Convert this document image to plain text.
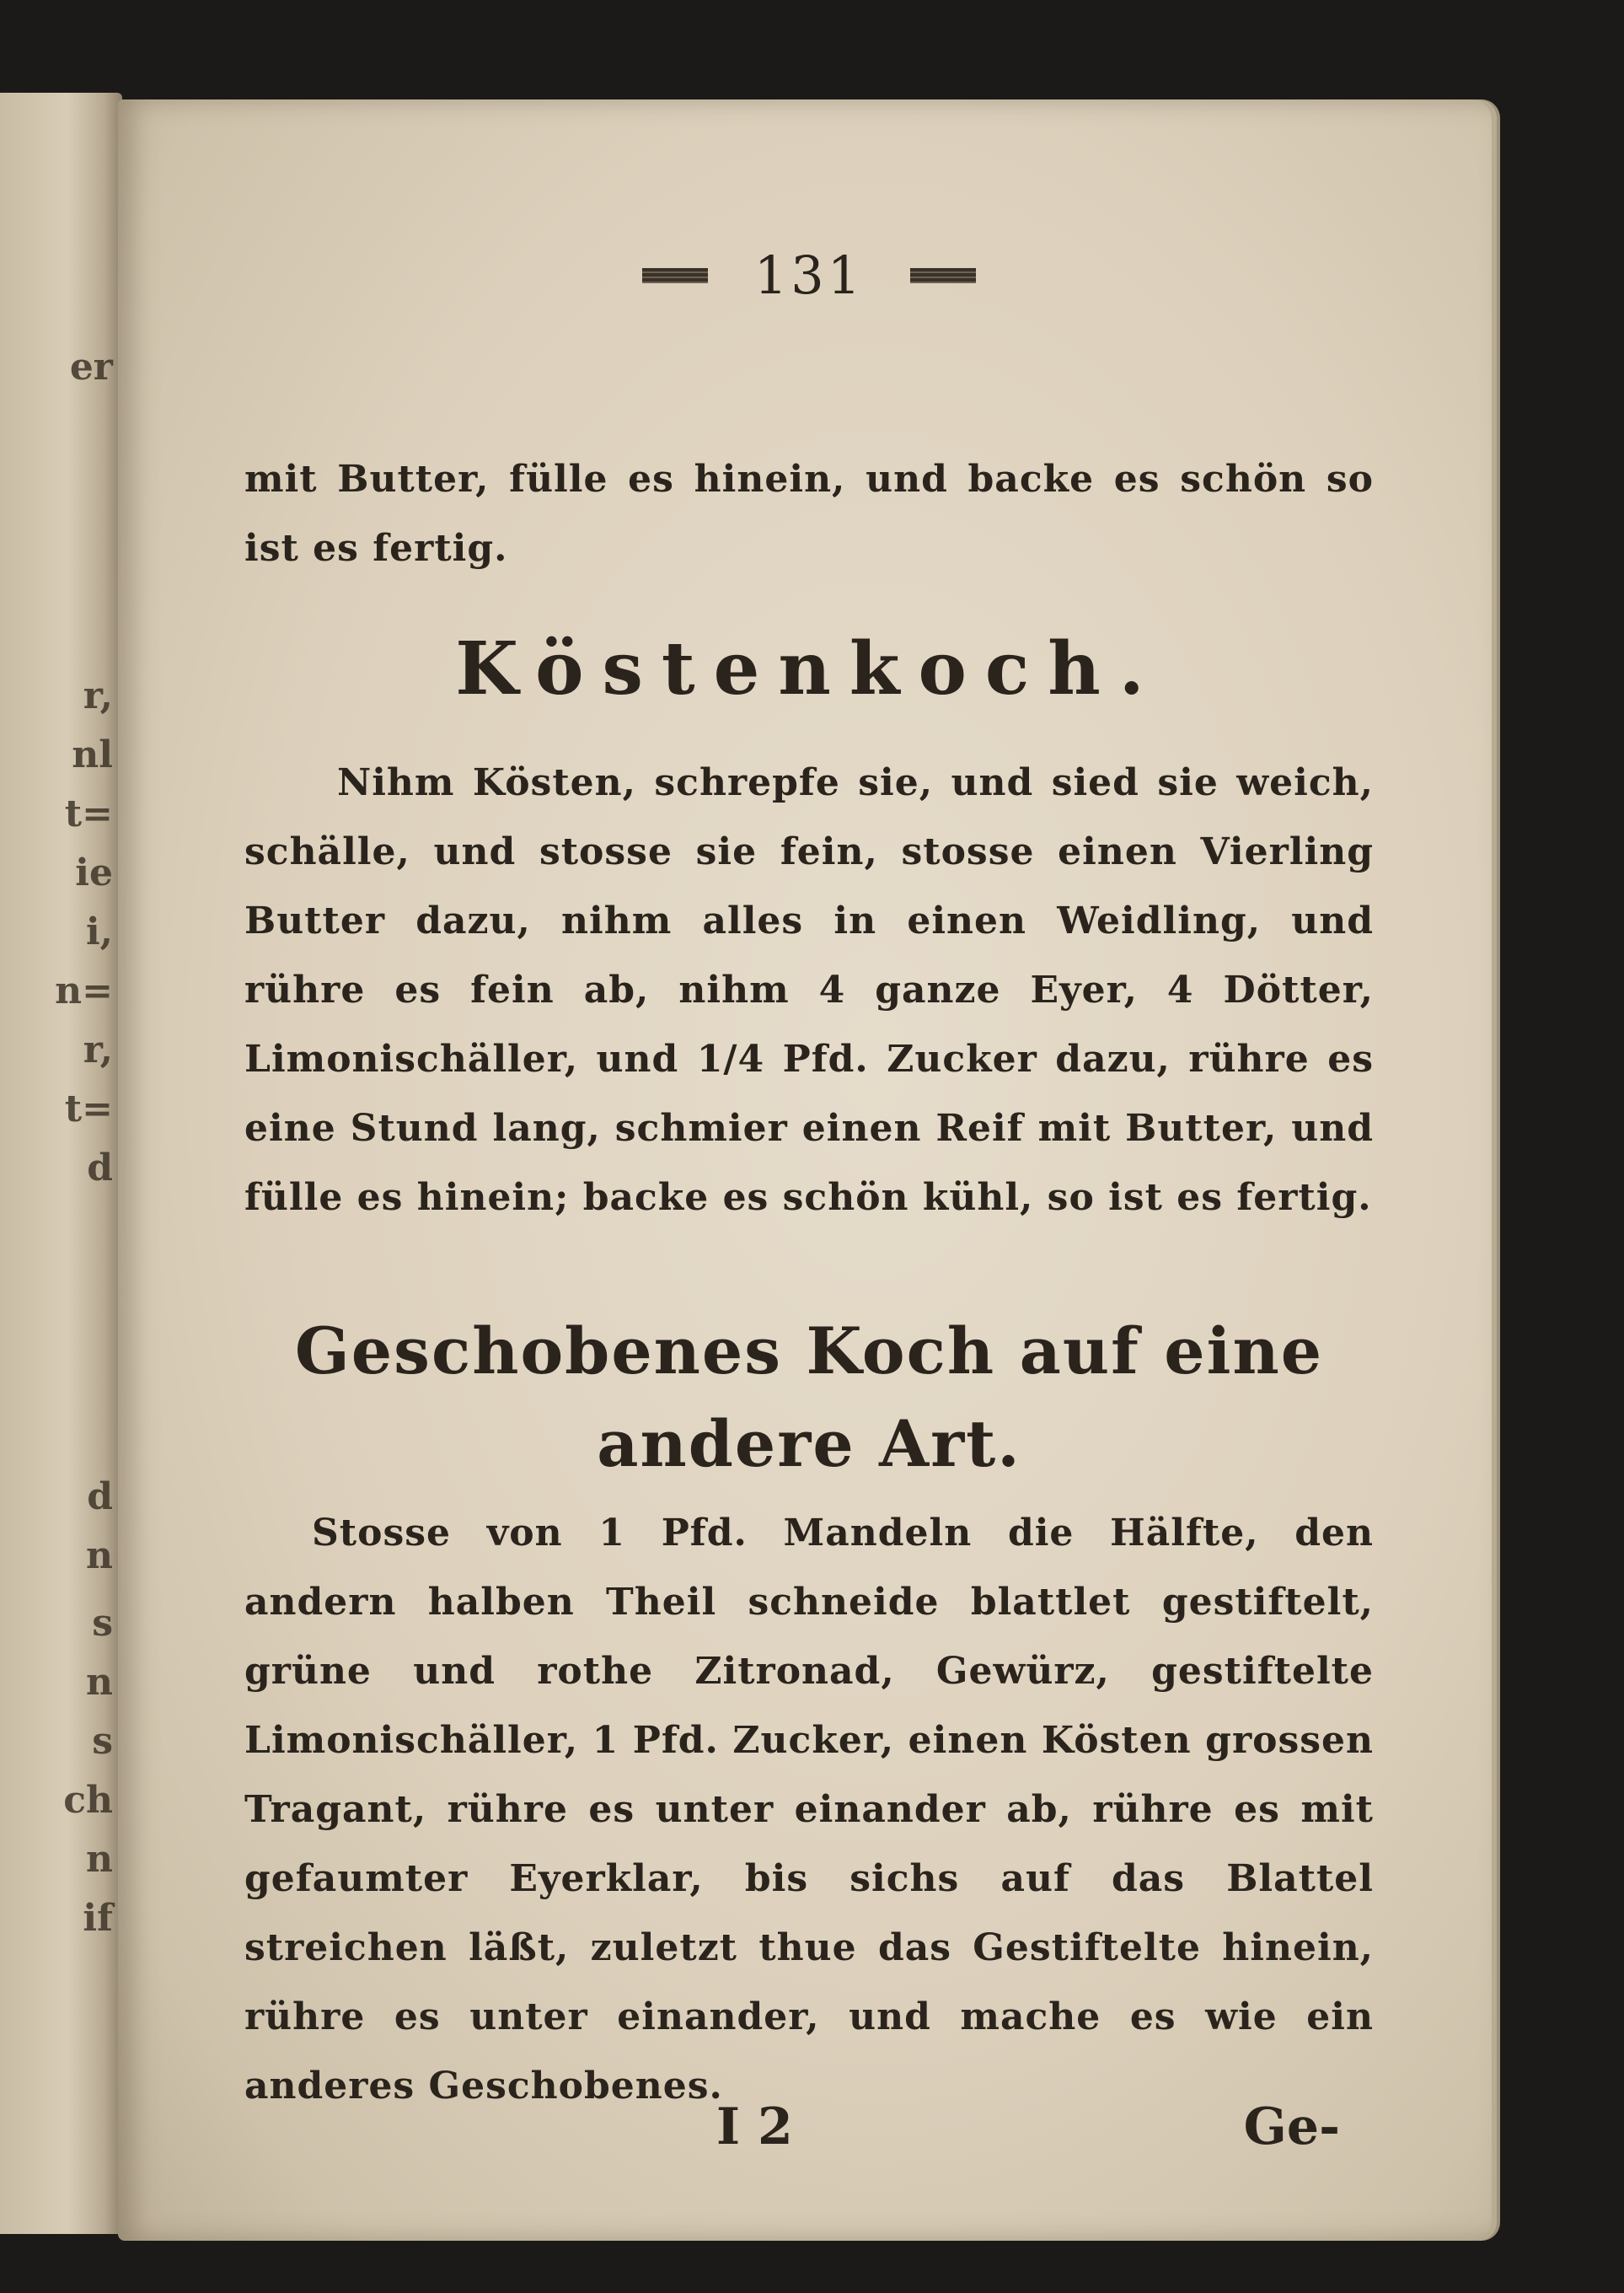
er
r,
nl
t=
ie
i,
n=
r,
t=
d
d
n
s
n
s
ch
n
if
131

mit Butter, fülle es hinein, und backe es schön so ist es fertig.

Köstenkoch.

Nihm Kösten, schrepfe sie, und sied sie weich, schälle, und stosse sie fein, stosse einen Vierling Butter dazu, nihm alles in einen Weidling, und rühre es fein ab, nihm 4 ganze Eyer, 4 Dötter, Limonischäller, und 1/4 Pfd. Zucker dazu, rühre es eine Stund lang, schmier einen Reif mit Butter, und fülle es hinein; backe es schön kühl, so ist es fertig.

Geschobenes Koch auf eine andere Art.

Stosse von 1 Pfd. Mandeln die Hälfte, den andern halben Theil schneide blattlet gestiftelt, grüne und rothe Zitronad, Gewürz, gestiftelte Limonischäller, 1 Pfd. Zucker, einen Kösten grossen Tragant, rühre es unter einander ab, rühre es mit gefaumter Eyerklar, bis sichs auf das Blattel streichen läßt, zuletzt thue das Gestiftelte hinein, rühre es unter einander, und mache es wie ein anderes Geschobenes.

I 2	Ge-
